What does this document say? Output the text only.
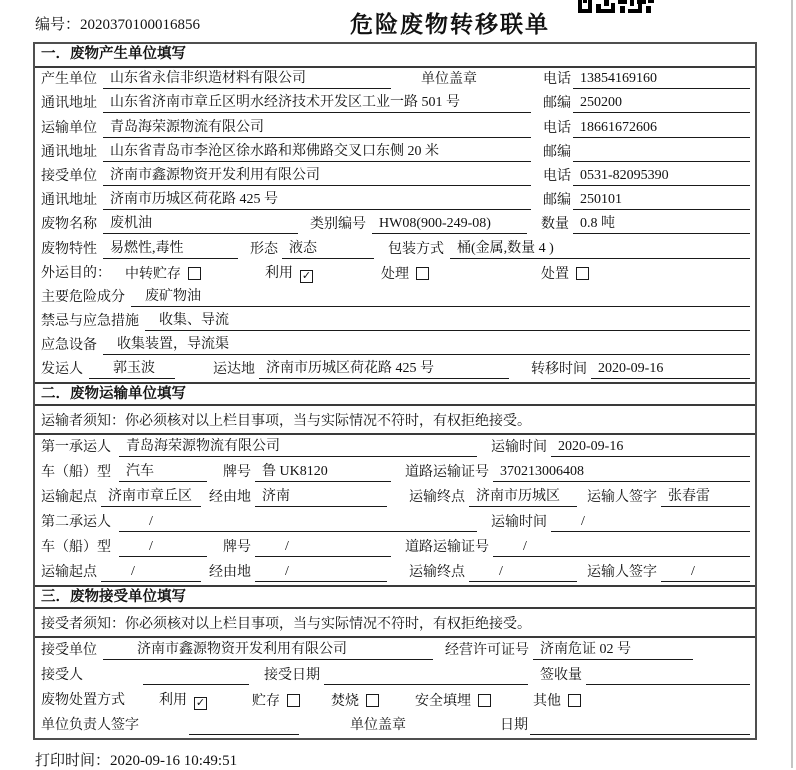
编号：2020370100016856	危险废物转移联单
一．废物产生单位填写
产生单位 山东省永信非织造材料有限公司	单位盖章	电话 13854169160
通讯地址 山东省济南市章丘区明水经济技术开发区工业一路 501 号	邮编 250200
运输单位 青岛海荣源物流有限公司	电话 18661672606
通讯地址 山东省青岛市李沧区徐水路和郑佛路交叉口东侧 20 米	邮编
接受单位 济南市鑫源物资开发利用有限公司	电话 0531-82095390
通讯地址 济南市历城区荷花路 425 号	邮编 250101
废物名称 废机油	类别编号 HW08(900-249-08)	数量 0.8 吨
废物特性 易燃性,毒性	形态 液态	包装方式 桶(金属,数量 4 )
外运目的： 中转贮存	利用 ✓	处理	处置
主要危险成分	废矿物油
禁忌与应急措施	收集、导流
应急设备	收集装置，导流渠
发运人	郭玉波	运达地 济南市历城区荷花路 425 号	转移时间 2020-09-16
二．废物运输单位填写
运输者须知：你必须核对以上栏目事项，当与实际情况不符时，有权拒绝接受。
第一承运人	青岛海荣源物流有限公司	运输时间 2020-09-16
车（船）型	汽车	牌号 鲁 UK8120	道路运输证号 370213006408
运输起点 济南市章丘区	经由地 济南	运输终点 济南市历城区	运输人签字 张春雷
第二承运人	/	运输时间	/
车（船）型	/	牌号	/	道路运输证号	/
运输起点	/	经由地	/	运输终点	/	运输人签字	/
三．废物接受单位填写
接受者须知：你必须核对以上栏目事项，当与实际情况不符时，有权拒绝接受。
接受单位	济南市鑫源物资开发利用有限公司	经营许可证号 济南危证 02 号
接受人	接受日期	签收量
废物处置方式 利用 ✓	贮存	焚烧	安全填埋	其他
单位负责人签字	单位盖章	日期
打印时间：2020-09-16 10:49:51
